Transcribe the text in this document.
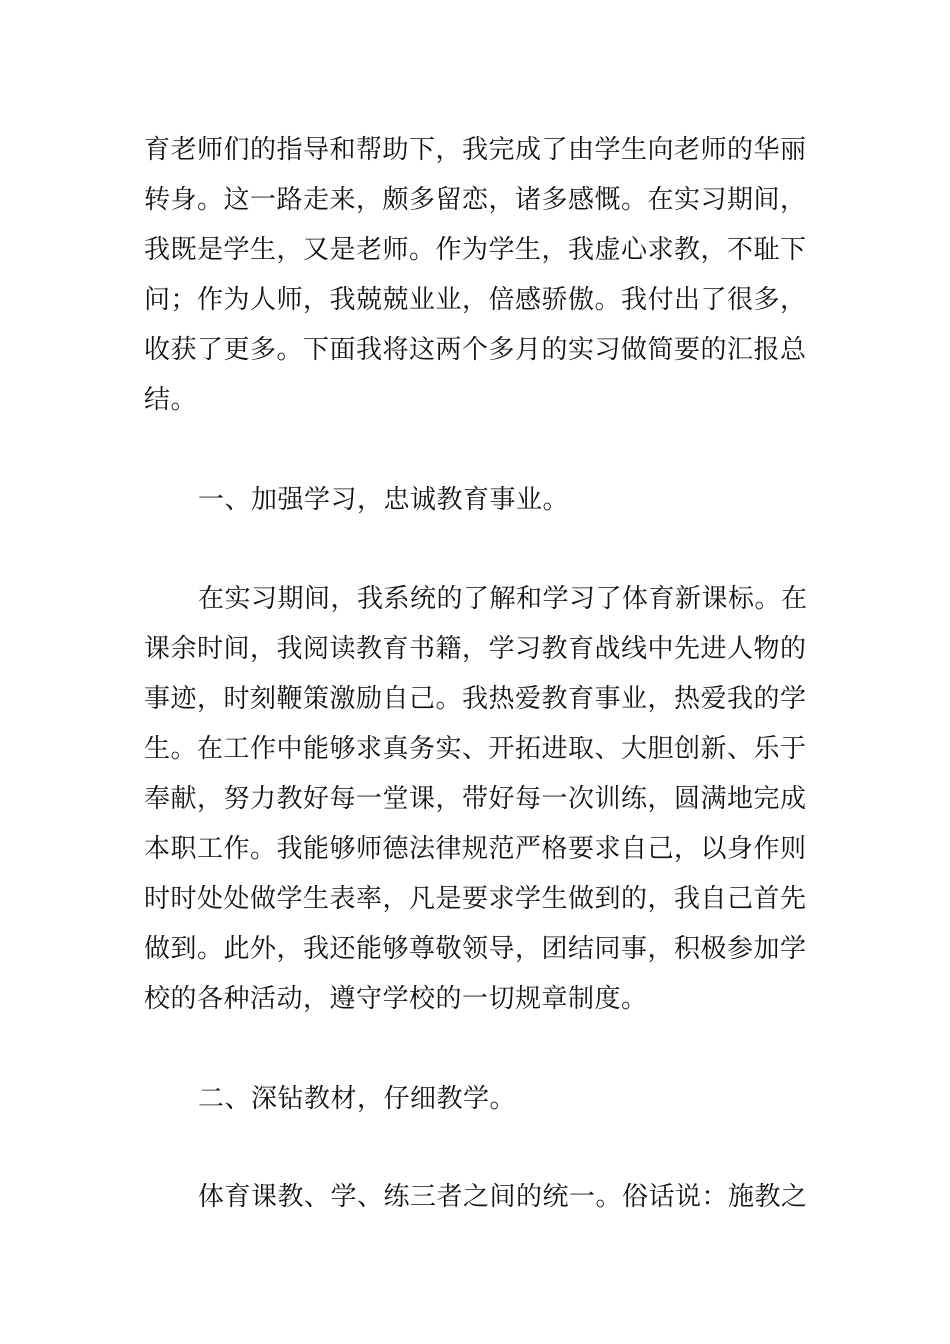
育老师们的指导和帮助下，我完成了由学生向老师的华丽
转身。这一路走来，颇多留恋，诸多感慨。在实习期间，
我既是学生，又是老师。作为学生，我虚心求教，不耻下
问；作为人师，我兢兢业业，倍感骄傲。我付出了很多，
收获了更多。下面我将这两个多月的实习做简要的汇报总
结。
一、加强学习，忠诚教育事业。
在实习期间，我系统的了解和学习了体育新课标。在
课余时间，我阅读教育书籍，学习教育战线中先进人物的
事迹，时刻鞭策激励自己。我热爱教育事业，热爱我的学
生。在工作中能够求真务实、开拓进取、大胆创新、乐于
奉献，努力教好每一堂课，带好每一次训练，圆满地完成
本职工作。我能够师德法律规范严格要求自己，以身作则
时时处处做学生表率，凡是要求学生做到的，我自己首先
做到。此外，我还能够尊敬领导，团结同事，积极参加学
校的各种活动，遵守学校的一切规章制度。
二、深钻教材，仔细教学。
体育课教、学、练三者之间的统一。俗话说：施教之
